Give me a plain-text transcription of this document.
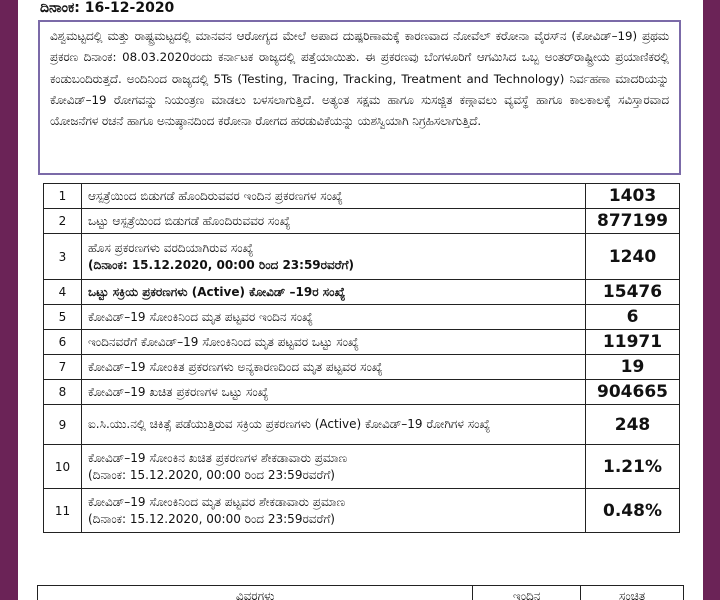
ದಿನಾಂಕ: 16-12-2020

ವಿಶ್ವಮಟ್ಟದಲ್ಲಿ ಮತ್ತು ರಾಷ್ಟ್ರಮಟ್ಟದಲ್ಲಿ ಮಾನವನ ಆರೋಗ್ಯದ ಮೇಲೆ ಅಪಾದ ದುಷ್ಪರಿಣಾಮಕ್ಕೆ ಕಾರಣವಾದ ನೋವೆಲ್ ಕರೋನಾ ವೈರಸ್‌ನ (ಕೋವಿಡ್–19) ಪ್ರಥಮ ಪ್ರಕರಣ ದಿನಾಂಕ: 08.03.2020ರಂದು ಕರ್ನಾಟಕ ರಾಜ್ಯದಲ್ಲಿ ಪತ್ತೆಯಾಯಿತು. ಈ ಪ್ರಕರಣವು ಬೆಂಗಳೂರಿಗೆ ಆಗಮಿಸಿದ ಒಬ್ಬ ಅಂತರ್‌ರಾಷ್ಟ್ರೀಯ ಪ್ರಯಾಣಿಕರಲ್ಲಿ ಕಂಡುಬಂದಿರುತ್ತದೆ. ಅಂದಿನಿಂದ ರಾಜ್ಯದಲ್ಲಿ 5Ts (Testing, Tracing, Tracking, Treatment and Technology) ನಿರ್ವಹಣಾ ಮಾದರಿಯನ್ನು ಕೋವಿಡ್–19 ರೋಗವನ್ನು ನಿಯಂತ್ರಣ ಮಾಡಲು ಬಳಸಲಾಗುತ್ತಿದೆ. ಅತ್ಯಂತ ಸಕ್ಷಮ ಹಾಗೂ ಸುಸಜ್ಜಿತ ಕಣ್ಗಾವಲು ವ್ಯವಸ್ಥೆ ಹಾಗೂ ಕಾಲಕಾಲಕ್ಕೆ ಸವಿಸ್ತಾರವಾದ ಯೋಜನೆಗಳ ರಚನೆ ಹಾಗೂ ಅನುಷ್ಠಾನದಿಂದ ಕರೋನಾ ರೋಗದ ಹರಡುವಿಕೆಯನ್ನು ಯಶಸ್ವಿಯಾಗಿ ನಿಗ್ರಹಿಸಲಾಗುತ್ತಿದೆ.

1	ಆಸ್ಪತ್ರೆಯಿಂದ ಬಿಡುಗಡೆ ಹೊಂದಿರುವವರ ಇಂದಿನ ಪ್ರಕರಣಗಳ ಸಂಖ್ಯೆ	1403
2	ಒಟ್ಟು ಆಸ್ಪತ್ರೆಯಿಂದ ಬಿಡುಗಡೆ ಹೊಂದಿರುವವರ ಸಂಖ್ಯೆ	877199
3	ಹೊಸ ಪ್ರಕರಣಗಳು ವರದಿಯಾಗಿರುವ ಸಂಖ್ಯೆ
(ದಿನಾಂಕ: 15.12.2020, 00:00 ರಿಂದ 23:59ರವರೆಗೆ)	1240
4	ಒಟ್ಟು ಸಕ್ರಿಯ ಪ್ರಕರಣಗಳು (Active) ಕೋವಿಡ್ –19ರ ಸಂಖ್ಯೆ	15476
5	ಕೋವಿಡ್–19 ಸೋಂಕಿನಿಂದ ಮೃತ ಪಟ್ಟವರ ಇಂದಿನ ಸಂಖ್ಯೆ	6
6	ಇಂದಿನವರೆಗೆ ಕೋವಿಡ್–19 ಸೋಂಕಿನಿಂದ ಮೃತ ಪಟ್ಟವರ ಒಟ್ಟು ಸಂಖ್ಯೆ	11971
7	ಕೋವಿಡ್–19 ಸೋಂಕಿತ ಪ್ರಕರಣಗಳು ಅನ್ಯಕಾರಣದಿಂದ ಮೃತ ಪಟ್ಟವರ ಸಂಖ್ಯೆ	19
8	ಕೋವಿಡ್–19 ಖಚಿತ ಪ್ರಕರಣಗಳ ಒಟ್ಟು ಸಂಖ್ಯೆ	904665
9	ಐ.ಸಿ.ಯು.ನಲ್ಲಿ ಚಿಕಿತ್ಸೆ ಪಡೆಯುತ್ತಿರುವ ಸಕ್ರಿಯ ಪ್ರಕರಣಗಳು (Active) ಕೋವಿಡ್–19 ರೋಗಿಗಳ ಸಂಖ್ಯೆ	248
10	ಕೋವಿಡ್–19 ಸೋಂಕಿನ ಖಚಿತ ಪ್ರಕರಣಗಳ ಶೇಕಡಾವಾರು ಪ್ರಮಾಣ
(ದಿನಾಂಕ: 15.12.2020, 00:00 ರಿಂದ 23:59ರವರೆಗೆ)	1.21%
11	ಕೋವಿಡ್–19 ಸೋಂಕಿನಿಂದ ಮೃತ ಪಟ್ಟವರ ಶೇಕಡಾವಾರು ಪ್ರಮಾಣ
(ದಿನಾಂಕ: 15.12.2020, 00:00 ರಿಂದ 23:59ರವರೆಗೆ)	0.48%
ವಿವರಗಳು	ಇಂದಿನ	ಸಂಚಿತ
